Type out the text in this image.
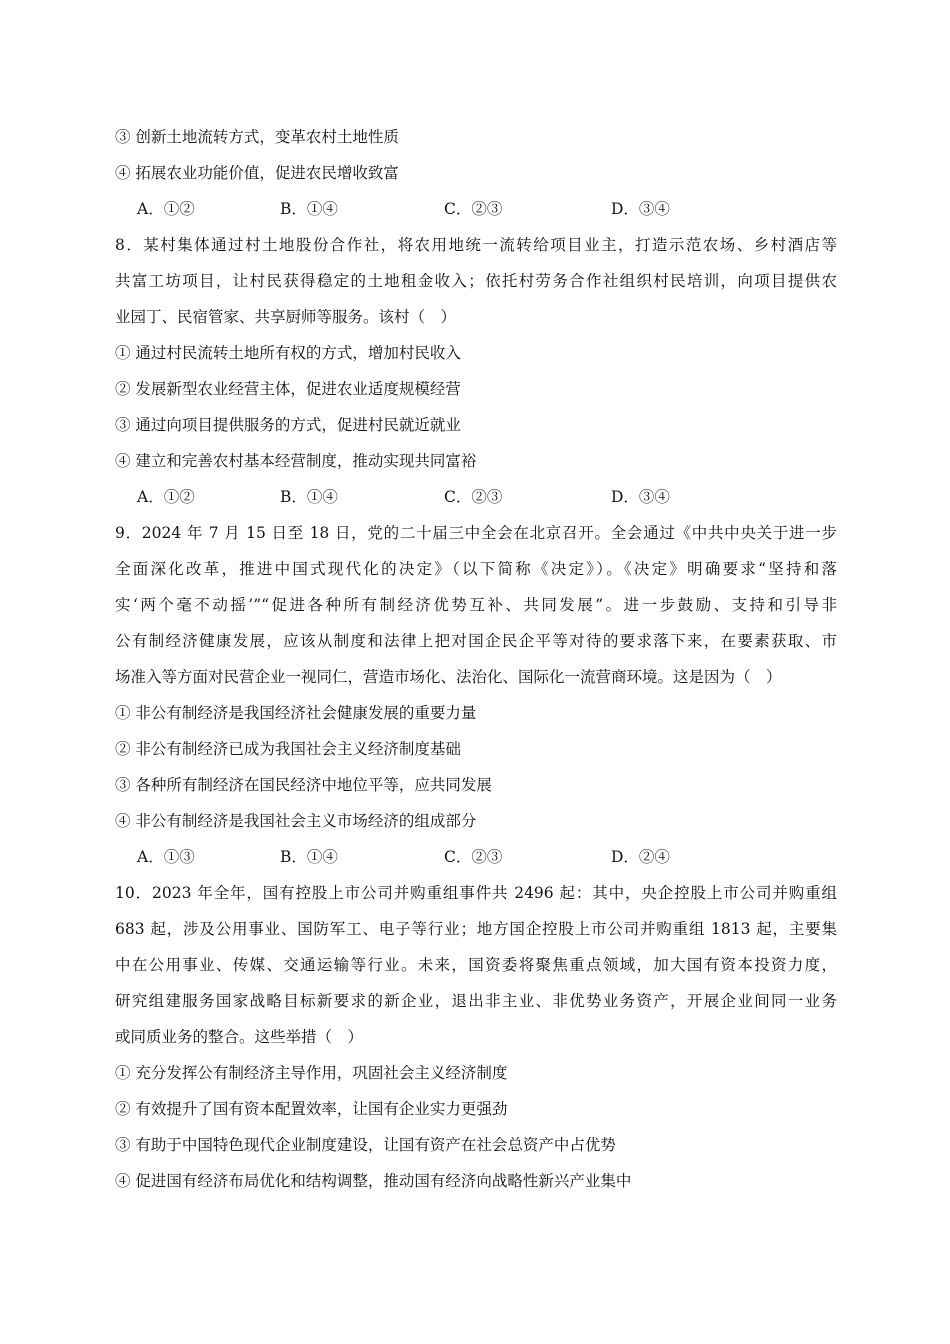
③ 创新土地流转方式，变革农村土地性质
④ 拓展农业功能价值，促进农民增收致富
A．①②	B．①④	C．②③	D．③④
8．某村集体通过村土地股份合作社，将农用地统一流转给项目业主，打造示范农场、乡村酒店等
共富工坊项目，让村民获得稳定的土地租金收入；依托村劳务合作社组织村民培训，向项目提供农
业园丁、民宿管家、共享厨师等服务。该村（　）
① 通过村民流转土地所有权的方式，增加村民收入
② 发展新型农业经营主体，促进农业适度规模经营
③ 通过向项目提供服务的方式，促进村民就近就业
④ 建立和完善农村基本经营制度，推动实现共同富裕
A．①②	B．①④	C．②③	D．③④
9．2024 年 7 月 15 日至 18 日，党的二十届三中全会在北京召开。全会通过《中共中央关于进一步
全面深化改革，推进中国式现代化的决定》（以下简称《决定》）。《决定》明确要求“坚持和落
实‘两个毫不动摇’”“促进各种所有制经济优势互补、共同发展”。进一步鼓励、支持和引导非
公有制经济健康发展，应该从制度和法律上把对国企民企平等对待的要求落下来，在要素获取、市
场准入等方面对民营企业一视同仁，营造市场化、法治化、国际化一流营商环境。这是因为（　）
① 非公有制经济是我国经济社会健康发展的重要力量
② 非公有制经济已成为我国社会主义经济制度基础
③ 各种所有制经济在国民经济中地位平等，应共同发展
④ 非公有制经济是我国社会主义市场经济的组成部分
A．①③	B．①④	C．②③	D．②④
10．2023 年全年，国有控股上市公司并购重组事件共 2496 起：其中，央企控股上市公司并购重组
683 起，涉及公用事业、国防军工、电子等行业；地方国企控股上市公司并购重组 1813 起，主要集
中在公用事业、传媒、交通运输等行业。未来，国资委将聚焦重点领域，加大国有资本投资力度，
研究组建服务国家战略目标新要求的新企业，退出非主业、非优势业务资产，开展企业间同一业务
或同质业务的整合。这些举措（　）
① 充分发挥公有制经济主导作用，巩固社会主义经济制度
② 有效提升了国有资本配置效率，让国有企业实力更强劲
③ 有助于中国特色现代企业制度建设，让国有资产在社会总资产中占优势
④ 促进国有经济布局优化和结构调整，推动国有经济向战略性新兴产业集中
